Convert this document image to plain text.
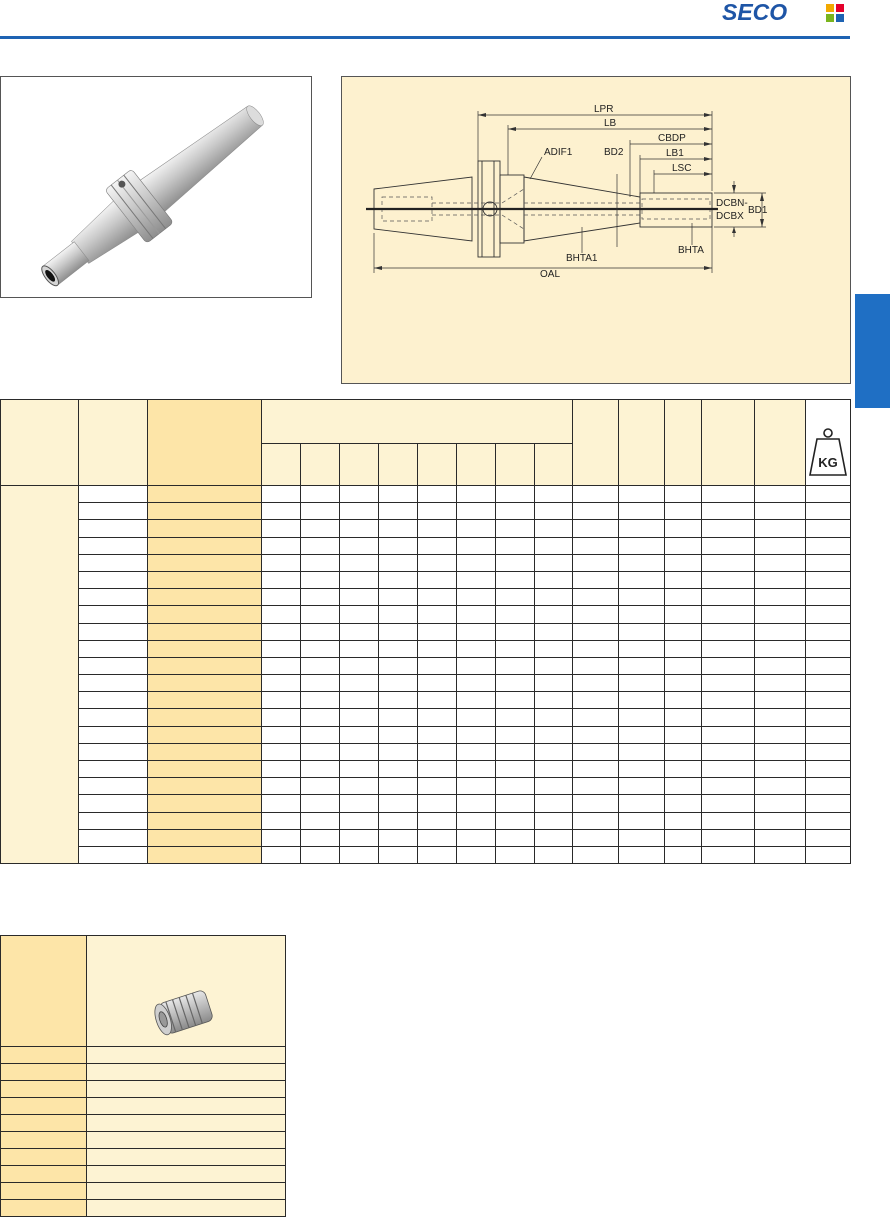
SECO
LPR
LB
CBDP
ADIF1	BD2	LB1
LSC
DCBN-
DCBX
BD1
BHTA1
BHTA
OAL

KG
